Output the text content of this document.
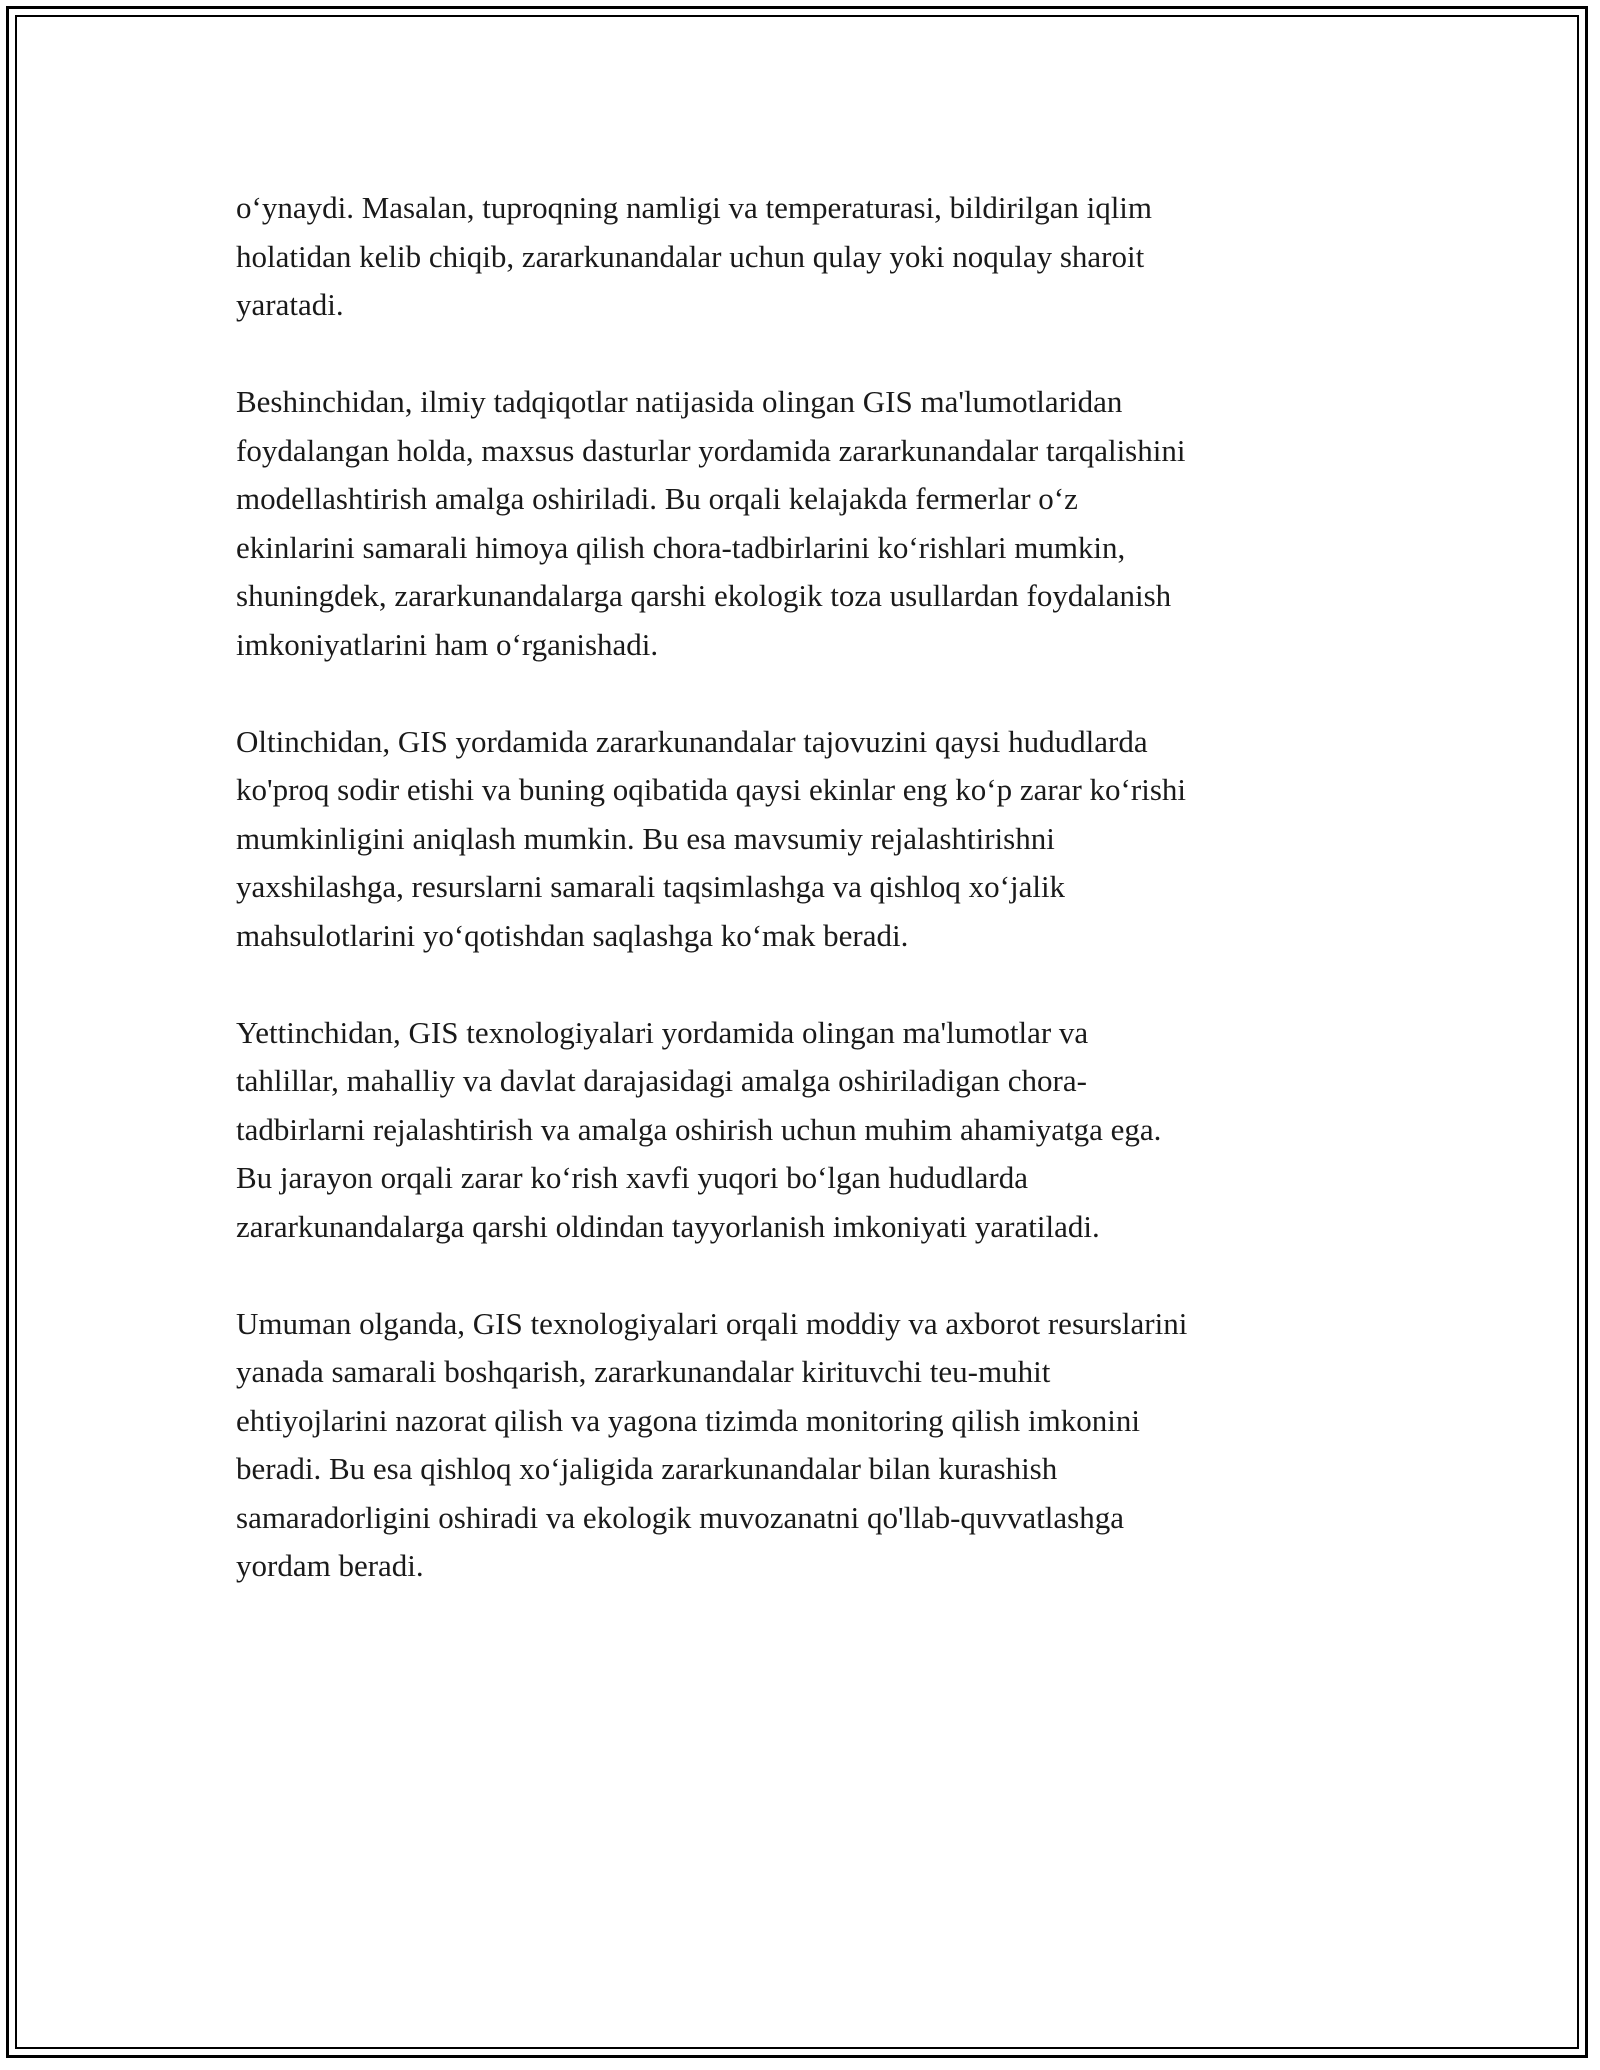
o‘ynaydi. Masalan, tuproqning namligi va temperaturasi, bildirilgan iqlim
holatidan kelib chiqib, zararkunandalar uchun qulay yoki noqulay sharoit
yaratadi.

Beshinchidan, ilmiy tadqiqotlar natijasida olingan GIS ma'lumotlaridan
foydalangan holda, maxsus dasturlar yordamida zararkunandalar tarqalishini
modellashtirish amalga oshiriladi. Bu orqali kelajakda fermerlar o‘z
ekinlarini samarali himoya qilish chora-tadbirlarini ko‘rishlari mumkin,
shuningdek, zararkunandalarga qarshi ekologik toza usullardan foydalanish
imkoniyatlarini ham o‘rganishadi.

Oltinchidan, GIS yordamida zararkunandalar tajovuzini qaysi hududlarda
ko'proq sodir etishi va buning oqibatida qaysi ekinlar eng ko‘p zarar ko‘rishi
mumkinligini aniqlash mumkin. Bu esa mavsumiy rejalashtirishni
yaxshilashga, resurslarni samarali taqsimlashga va qishloq xo‘jalik
mahsulotlarini yo‘qotishdan saqlashga ko‘mak beradi.

Yettinchidan, GIS texnologiyalari yordamida olingan ma'lumotlar va
tahlillar, mahalliy va davlat darajasidagi amalga oshiriladigan chora-
tadbirlarni rejalashtirish va amalga oshirish uchun muhim ahamiyatga ega.
Bu jarayon orqali zarar ko‘rish xavfi yuqori bo‘lgan hududlarda
zararkunandalarga qarshi oldindan tayyorlanish imkoniyati yaratiladi.

Umuman olganda, GIS texnologiyalari orqali moddiy va axborot resurslarini
yanada samarali boshqarish, zararkunandalar kirituvchi teu-muhit
ehtiyojlarini nazorat qilish va yagona tizimda monitoring qilish imkonini
beradi. Bu esa qishloq xo‘jaligida zararkunandalar bilan kurashish
samaradorligini oshiradi va ekologik muvozanatni qo'llab-quvvatlashga
yordam beradi.
